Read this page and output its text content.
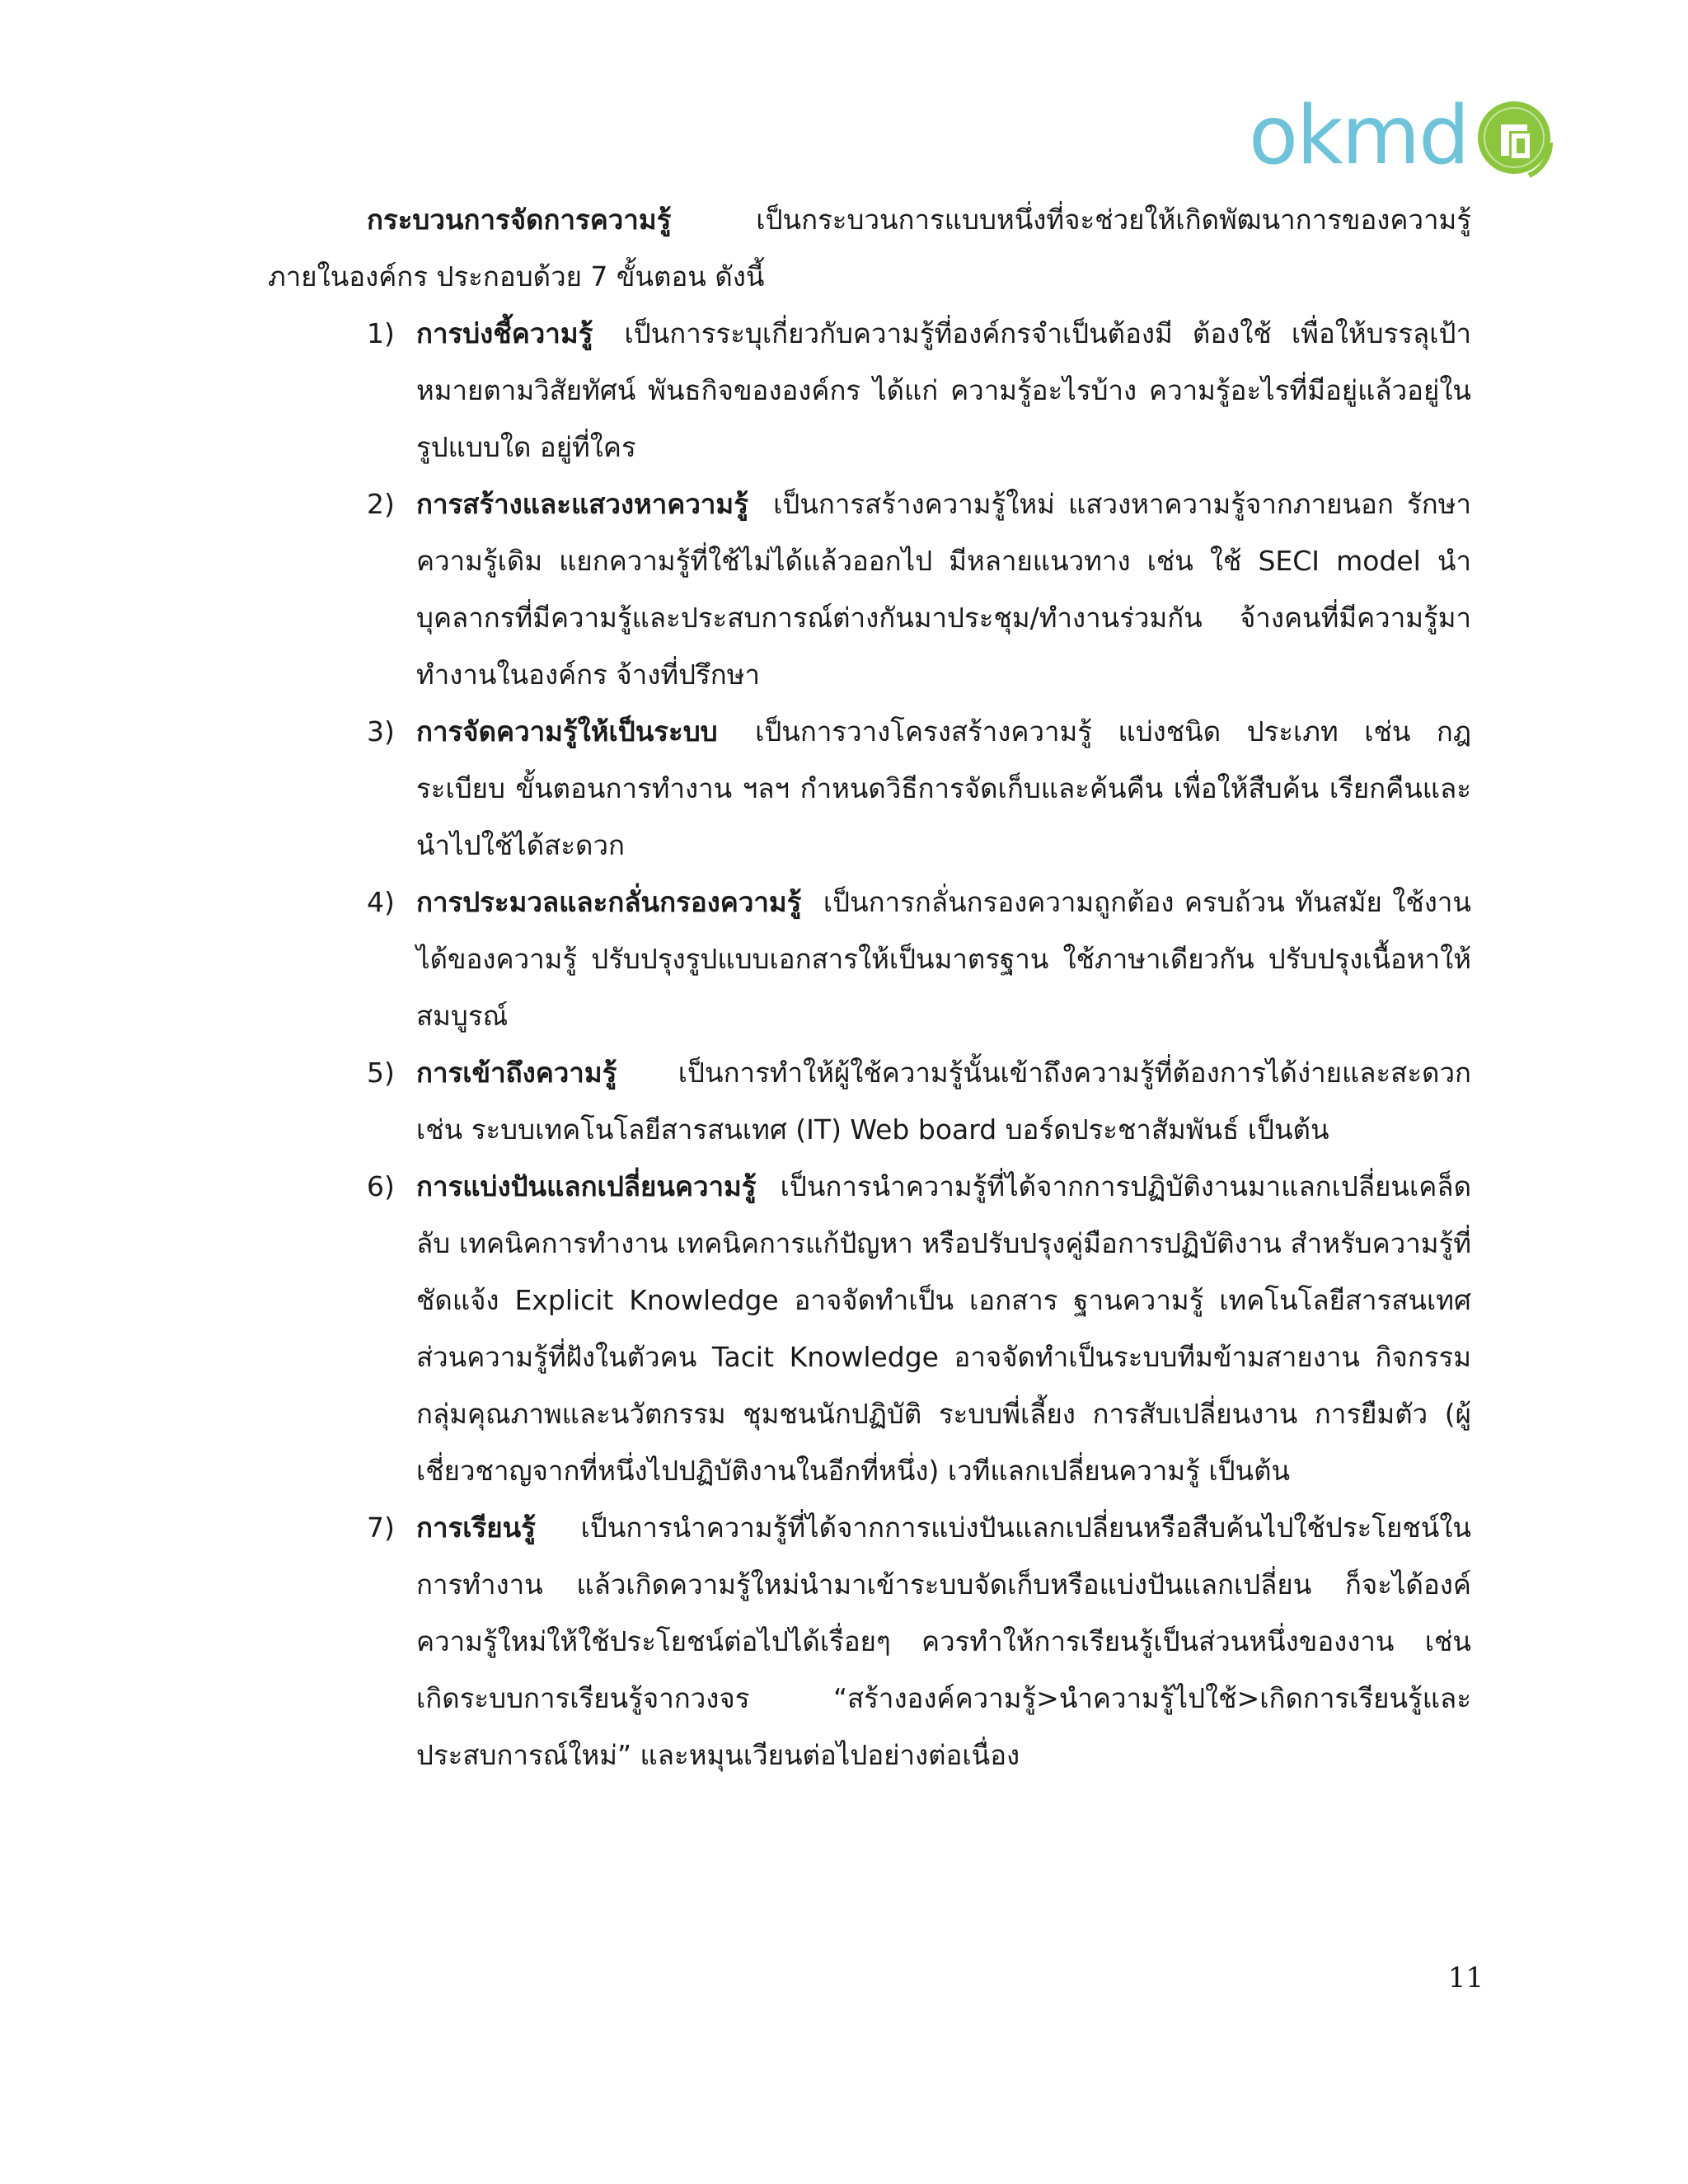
okmd

กระบวนการจัดการความรู้	เป็นกระบวนการแบบหนึ่งที่จะช่วยให้เกิดพัฒนาการของความรู้ภายในองค์กร ประกอบด้วย 7 ขั้นตอน ดังนี้

1) การบ่งชี้ความรู้ เป็นการระบุเกี่ยวกับความรู้ที่องค์กรจำเป็นต้องมี ต้องใช้ เพื่อให้บรรลุเป้าหมายตามวิสัยทัศน์ พันธกิจขององค์กร ได้แก่ ความรู้อะไรบ้าง ความรู้อะไรที่มีอยู่แล้วอยู่ในรูปแบบใด อยู่ที่ใคร
2) การสร้างและแสวงหาความรู้ เป็นการสร้างความรู้ใหม่ แสวงหาความรู้จากภายนอก รักษาความรู้เดิม แยกความรู้ที่ใช้ไม่ได้แล้วออกไป มีหลายแนวทาง เช่น ใช้ SECI model นำบุคลากรที่มีความรู้และประสบการณ์ต่างกันมาประชุม/ทำงานร่วมกัน จ้างคนที่มีความรู้มาทำงานในองค์กร จ้างที่ปรึกษา
3) การจัดความรู้ให้เป็นระบบ เป็นการวางโครงสร้างความรู้ แบ่งชนิด ประเภท เช่น กฎระเบียบ ขั้นตอนการทำงาน ฯลฯ กำหนดวิธีการจัดเก็บและค้นคืน เพื่อให้สืบค้น เรียกคืนและนำไปใช้ได้สะดวก
4) การประมวลและกลั่นกรองความรู้ เป็นการกลั่นกรองความถูกต้อง ครบถ้วน ทันสมัย ใช้งานได้ของความรู้ ปรับปรุงรูปแบบเอกสารให้เป็นมาตรฐาน ใช้ภาษาเดียวกัน ปรับปรุงเนื้อหาให้สมบูรณ์
5) การเข้าถึงความรู้ เป็นการทำให้ผู้ใช้ความรู้นั้นเข้าถึงความรู้ที่ต้องการได้ง่ายและสะดวก เช่น ระบบเทคโนโลยีสารสนเทศ (IT) Web board บอร์ดประชาสัมพันธ์ เป็นต้น
6) การแบ่งปันแลกเปลี่ยนความรู้ เป็นการนำความรู้ที่ได้จากการปฏิบัติงานมาแลกเปลี่ยนเคล็ดลับ เทคนิคการทำงาน เทคนิคการแก้ปัญหา หรือปรับปรุงคู่มือการปฏิบัติงาน สำหรับความรู้ที่ชัดแจ้ง Explicit Knowledge อาจจัดทำเป็น เอกสาร ฐานความรู้ เทคโนโลยีสารสนเทศ ส่วนความรู้ที่ฝังในตัวคน Tacit Knowledge อาจจัดทำเป็นระบบทีมข้ามสายงาน กิจกรรมกลุ่มคุณภาพและนวัตกรรม ชุมชนนักปฏิบัติ ระบบพี่เลี้ยง การสับเปลี่ยนงาน การยืมตัว (ผู้เชี่ยวชาญจากที่หนึ่งไปปฏิบัติงานในอีกที่หนึ่ง) เวทีแลกเปลี่ยนความรู้ เป็นต้น
7) การเรียนรู้ เป็นการนำความรู้ที่ได้จากการแบ่งปันแลกเปลี่ยนหรือสืบค้นไปใช้ประโยชน์ในการทำงาน แล้วเกิดความรู้ใหม่นำมาเข้าระบบจัดเก็บหรือแบ่งปันแลกเปลี่ยน ก็จะได้องค์ความรู้ใหม่ให้ใช้ประโยชน์ต่อไปได้เรื่อยๆ ควรทำให้การเรียนรู้เป็นส่วนหนึ่งของงาน เช่น เกิดระบบการเรียนรู้จากวงจร “สร้างองค์ความรู้>นำความรู้ไปใช้>เกิดการเรียนรู้และประสบการณ์ใหม่” และหมุนเวียนต่อไปอย่างต่อเนื่อง
11
